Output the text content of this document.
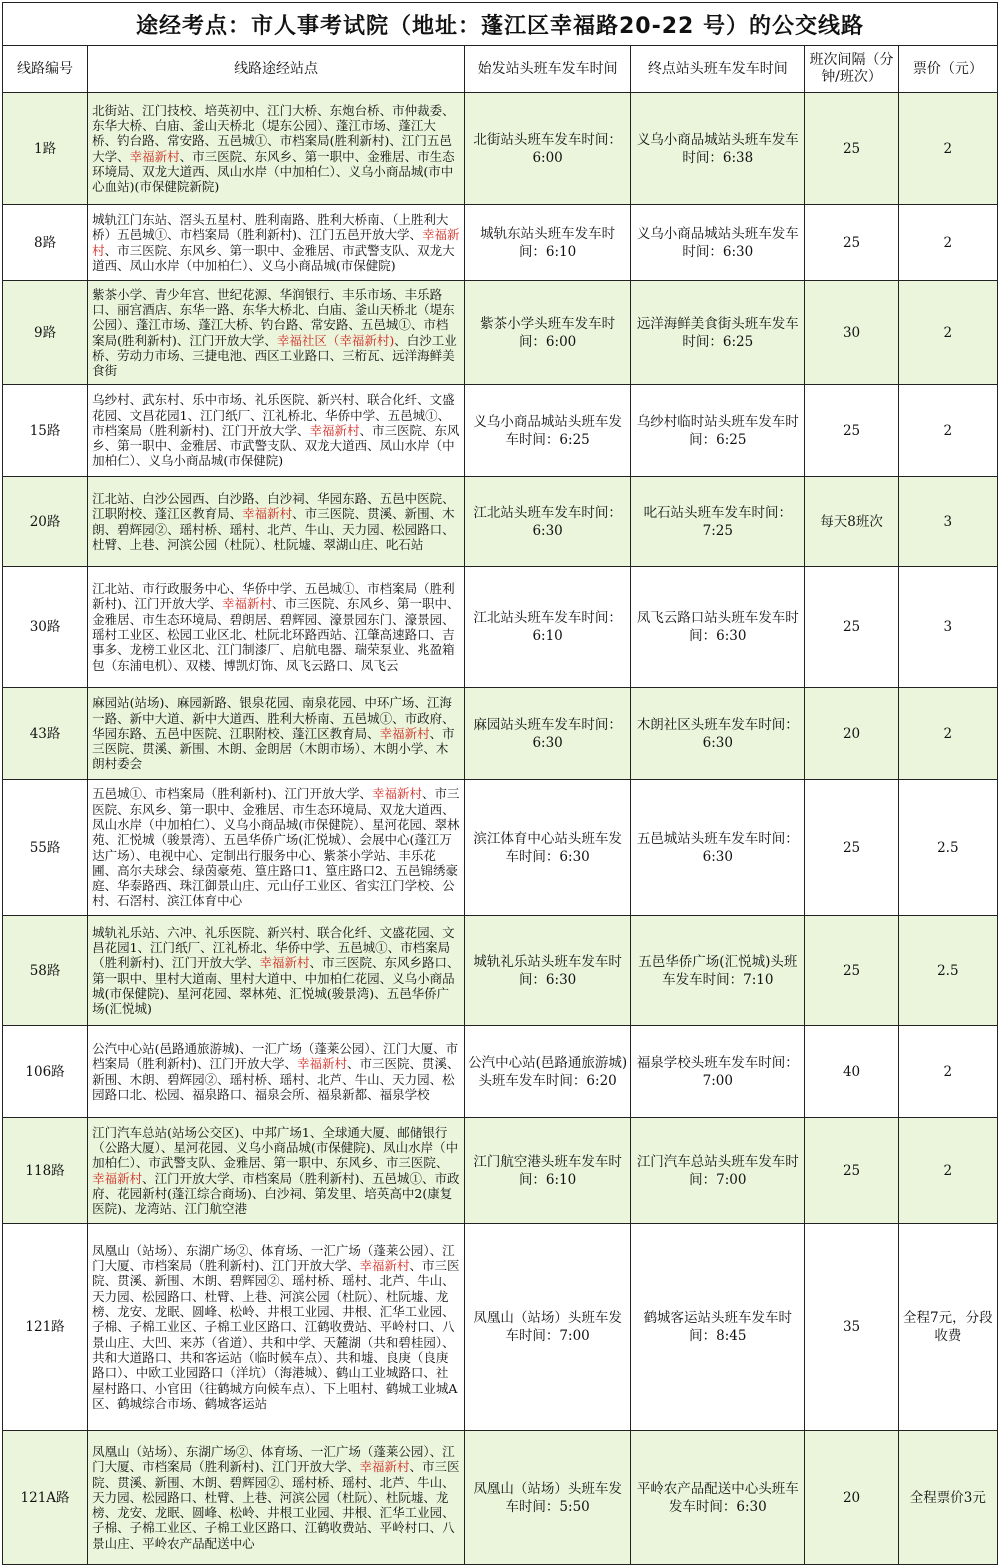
途经考点：市人事考试院（地址：蓬江区幸福路20-22 号）的公交线路
线路编号	线路途经站点	始发站头班车发车时间	终点站头班车发车时间	班次间隔（分钟/班次）	票价（元）
1路	北街站、江门技校、培英初中、江门大桥、东炮台桥、市仲裁委、东华大桥、白庙、釜山天桥北（堤东公园）、蓬江市场、蓬江大桥、钓台路、常安路、五邑城①、市档案局(胜利新村)、江门五邑大学、幸福新村、市三医院、东风乡、第一职中、金雅居、市生态环境局、双龙大道西、凤山水岸（中加柏仁）、义乌小商品城(市中心血站)(市保健院新院)	北街站头班车发车时间：6:00	义乌小商品城站头班车发车时间：6:38	25	2
8路	城轨江门东站、滘头五星村、胜利南路、胜利大桥南、（上胜利大桥）五邑城①、市档案局（胜利新村)、江门五邑开放大学、幸福新村、市三医院、东风乡、第一职中、金雅居、市武警支队、双龙大道西、凤山水岸（中加柏仁）、义乌小商品城(市保健院)	城轨东站头班车发车时间：6:10	义乌小商品城站头班车发车时间：6:30	25	2
9路	紫茶小学、青少年宫、世纪花源、华润银行、丰乐市场、丰乐路口、丽宫酒店、东华一路、东华大桥北、白庙、釜山天桥北（堤东公园）、蓬江市场、蓬江大桥、钓台路、常安路、五邑城①、市档案局(胜利新村)、江门开放大学、幸福社区（幸福新村)、白沙工业桥、劳动力市场、三捷电池、西区工业路口、三桁瓦、远洋海鲜美食街	紫茶小学头班车发车时间：6:00	远洋海鲜美食街头班车发车时间：6:25	30	2
15路	乌纱村、武东村、乐中市场、礼乐医院、新兴村、联合化纤、文盛花园、文昌花园1、江门纸厂、江礼桥北、华侨中学、五邑城①、市档案局（胜利新村)、江门开放大学、幸福新村、市三医院、东风乡、第一职中、金雅居、市武警支队、双龙大道西、凤山水岸（中加柏仁）、义乌小商品城(市保健院)	义乌小商品城站头班车发车时间：6:25	乌纱村临时站头班车发车时间：6:25	25	2
20路	江北站、白沙公园西、白沙路、白沙祠、华园东路、五邑中医院、江职附校、蓬江区教育局、幸福新村、市三医院、贯溪、新围、木朗、碧辉园②、瑶村桥、瑶村、北芦、牛山、天力园、松园路口、杜臂、上巷、河滨公园（杜阮）、杜阮墟、翠湖山庄、叱石站	江北站头班车发车时间：6:30	叱石站头班车发车时间：7:25	每天8班次	3
30路	江北站、市行政服务中心、华侨中学、五邑城①、市档案局（胜利新村)、江门开放大学、幸福新村、市三医院、东风乡、第一职中、金雅居、市生态环境局、碧朗居、碧辉园、濠景园东门、濠景园、瑶村工业区、松园工业区北、杜阮北环路西站、江肇高速路口、吉事多、龙榜工业区北、江门制漆厂、启航电器、瑞荣泵业、兆盈箱包（东浦电机）、双楼、博凯灯饰、凤飞云路口、凤飞云	江北站头班车发车时间：6:10	凤飞云路口站头班车发车时间：6:30	25	3
43路	麻园站(站场)、麻园新路、银泉花园、南泉花园、中环广场、江海一路、新中大道、新中大道西、胜利大桥南、五邑城①、市政府、华园东路、五邑中医院、江职附校、蓬江区教育局、幸福新村、市三医院、贯溪、新围、木朗、金朗居（木朗市场）、木朗小学、木朗村委会	麻园站头班车发车时间：6:30	木朗社区头班车发车时间：6:30	20	2
55路	五邑城①、市档案局（胜利新村)、江门开放大学、幸福新村、市三医院、东风乡、第一职中、金雅居、市生态环境局、双龙大道西、凤山水岸（中加柏仁）、义乌小商品城(市保健院）、星河花园、翠林苑、汇悦城（骏景湾）、五邑华侨广场(汇悦城）、会展中心(蓬江万达广场）、电视中心、定制出行服务中心、紫茶小学站、丰乐花圃、高尔夫球会、绿茵豪苑、篁庄路口1、篁庄路口2、五邑锦绣豪庭、华泰路西、珠江御景山庄、元山仔工业区、省实江门学校、公村、石滘村、滨江体育中心	滨江体育中心站头班车发车时间：6:30	五邑城站头班车发车时间：6:30	25	2.5
58路	城轨礼乐站、六冲、礼乐医院、新兴村、联合化纤、文盛花园、文昌花园1、江门纸厂、江礼桥北、华侨中学、五邑城①、市档案局（胜利新村)、江门开放大学、幸福新村、市三医院、东风乡路口、第一职中、里村大道南、里村大道中、中加柏仁花园、义乌小商品城(市保健院)、星河花园、翠林苑、汇悦城(骏景湾)、五邑华侨广场(汇悦城)	城轨礼乐站头班车发车时间：6:30	五邑华侨广场(汇悦城)头班车发车时间：7:10	25	2.5
106路	公汽中心站(邑路通旅游城)、一汇广场（蓬莱公园）、江门大厦、市档案局（胜利新村)、江门开放大学、幸福新村、市三医院、贯溪、新围、木朗、碧辉园②、瑶村桥、瑶村、北芦、牛山、天力园、松园路口北、松园、福泉路口、福泉会所、福泉新都、福泉学校	公汽中心站(邑路通旅游城)头班车发车时间：6:20	福泉学校头班车发车时间：7:00	40	2
118路	江门汽车总站(站场公交区)、中邦广场1、全球通大厦、邮储银行（公路大厦）、星河花园、义乌小商品城(市保健院)、凤山水岸（中加柏仁）、市武警支队、金雅居、第一职中、东风乡、市三医院、幸福新村、江门开放大学、市档案局（胜利新村)、五邑城①、市政府、花园新村(蓬江综合商场)、白沙祠、第发里、培英高中2(康复医院)、龙湾站、江门航空港	江门航空港头班车发车时间：6:10	江门汽车总站头班车发车时间：7:00	25	2
121路	凤凰山（站场）、东湖广场②、体育场、一汇广场（蓬莱公园）、江门大厦、市档案局（胜利新村)、江门开放大学、幸福新村、市三医院、贯溪、新围、木朗、碧辉园②、瑶村桥、瑶村、北芦、牛山、天力园、松园路口、杜臂、上巷、河滨公园（杜阮）、杜阮墟、龙榜、龙安、龙眠、圆峰、松岭、井根工业园、井根、汇华工业园、子棉、子棉工业区、子棉工业区路口、江鹤收费站、平岭村口、八景山庄、大凹、来苏（省道）、共和中学、天麓湖（共和碧桂园）、共和大道路口、共和客运站（临时候车点）、共和墟、良庚（良庚路口）、中欧工业园路口（洋坑）（海港城）、鹤山工业城路口、社屋村路口、小官田（往鹤城方向候车点）、下上咀村、鹤城工业城A区、鹤城综合市场、鹤城客运站	凤凰山（站场）头班车发车时间：7:00	鹤城客运站头班车发车时间：8:45	35	全程7元，分段收费
121A路	凤凰山（站场）、东湖广场②、体育场、一汇广场（蓬莱公园）、江门大厦、市档案局（胜利新村)、江门开放大学、幸福新村、市三医院、贯溪、新围、木朗、碧辉园②、瑶村桥、瑶村、北芦、牛山、天力园、松园路口、杜臂、上巷、河滨公园（杜阮）、杜阮墟、龙榜、龙安、龙眠、圆峰、松岭、井根工业园、井根、汇华工业园、子棉、子棉工业区、子棉工业区路口、江鹤收费站、平岭村口、八景山庄、平岭农产品配送中心	凤凰山（站场）头班车发车时间：5:50	平岭农产品配送中心头班车发车时间：6:30	20	全程票价3元
